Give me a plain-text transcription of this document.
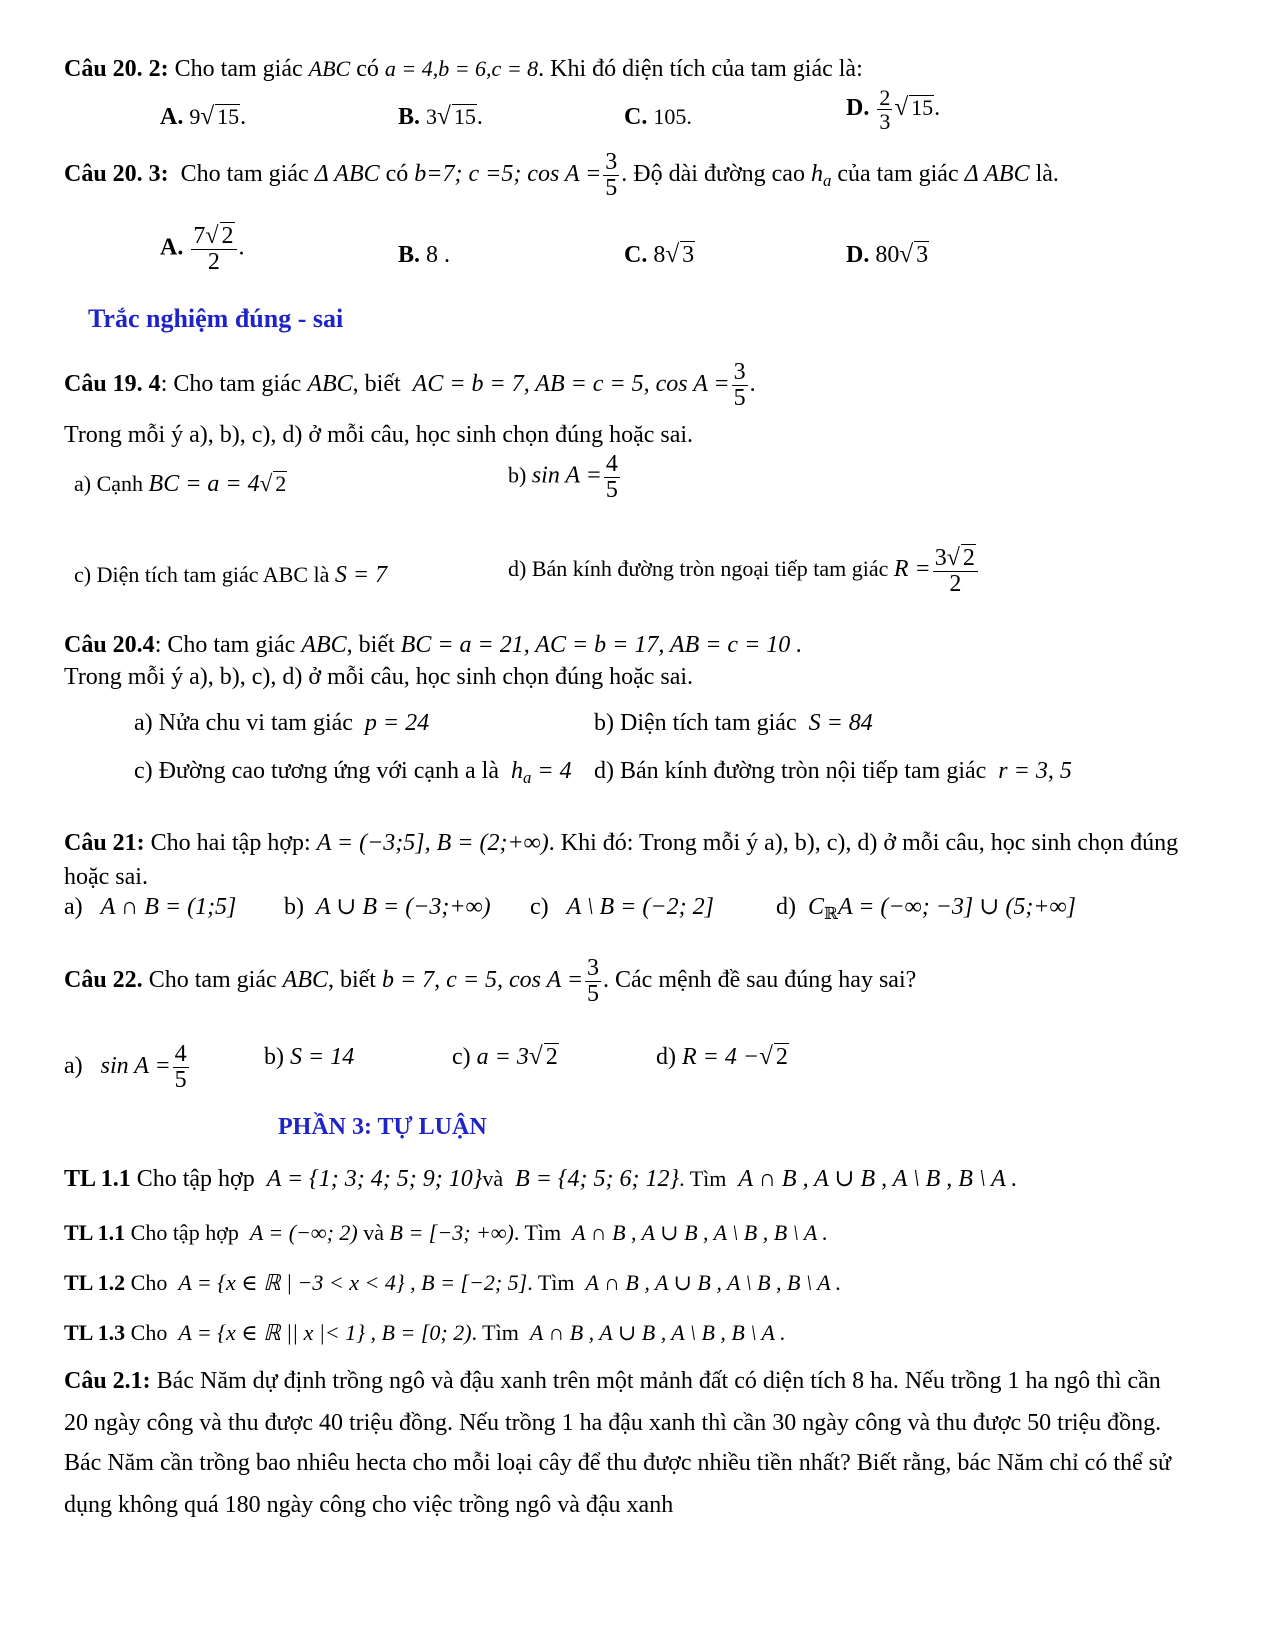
Câu 20. 2: Cho tam giác ABC có a = 4,b = 6,c = 8. Khi đó diện tích của tam giác là:
A. 9√ 15.	B. 3√ 15.	C. 105.	D. $\frac{2}{3}$ √ 15.
Câu 20. 3: Cho tam giác Δ ABC có b=7; c =5; $\cos A = \frac{3}{5}$ . Độ dài đường cao $h_a$ của tam giác Δ ABC là.
A. $\frac{7√ 2}{2}$ .	B. 8 .	C. 8√ 3	D. 80√ 3
Trắc nghiệm đúng - sai
Câu 19. 4: Cho tam giác ABC, biết AC = b = 7, AB = c = 5, $\cos A = \frac{3}{5}$ .
Trong mỗi ý a), b), c), d) ở mỗi câu, học sinh chọn đúng hoặc sai.
a) Cạnh BC = a = 4√ 2	b) $\sin A = \frac{4}{5}$
c) Diện tích tam giác ABC là S = 7	d) Bán kính đường tròn ngoại tiếp tam giác $R = \frac{3√ 2}{2}$
Câu 20.4: Cho tam giác ABC, biết BC = a = 21, AC = b = 17, AB = c = 10 .
Trong mỗi ý a), b), c), d) ở mỗi câu, học sinh chọn đúng hoặc sai.
a) Nửa chu vi tam giác p = 24	b) Diện tích tam giác S = 84
c) Đường cao tương ứng với cạnh a là $h_a = 4$ d) Bán kính đường tròn nội tiếp tam giác r = 3, 5
Câu 21: Cho hai tập hợp: A = (−3;5], B = (2;+∞). Khi đó: Trong mỗi ý a), b), c), d) ở mỗi câu, học sinh chọn đúng
hoặc sai.
a) A ∩ B = (1;5] b) A ∪ B = (−3;+∞) c) A \ B = (−2; 2]	d) $C_ℝA$ = (−∞; −3] ∪ (5;+∞]
Câu 22. Cho tam giác ABC, biết b = 7, c = 5, $\cos A = \frac{3}{5}$ . Các mệnh đề sau đúng hay sai?
a) $\sin A = \frac{4}{5}$	b) S = 14	c) a = 3√ 2	d) R = 4 −√ 2
PHẦN 3: TỰ LUẬN
TL 1.1 Cho tập hợp A = {1; 3; 4; 5; 9; 10}và B = {4; 5; 6; 12}. Tìm A ∩ B , A ∪ B , A \ B , B \ A .
TL 1.1 Cho tập hợp A = (−∞; 2) và B = [−3; +∞). Tìm A ∩ B , A ∪ B , A \ B , B \ A .
TL 1.2 Cho A = {x ∈ ℝ | −3 < x < 4} , B = [−2; 5]. Tìm A ∩ B , A ∪ B , A \ B , B \ A .
TL 1.3 Cho A = {x ∈ ℝ || x |< 1} , B = [0; 2). Tìm A ∩ B , A ∪ B , A \ B , B \ A .
Câu 2.1: Bác Năm dự định trồng ngô và đậu xanh trên một mảnh đất có diện tích 8 ha. Nếu trồng 1 ha ngô thì cần
20 ngày công và thu được 40 triệu đồng. Nếu trồng 1 ha đậu xanh thì cần 30 ngày công và thu được 50 triệu đồng.
Bác Năm cần trồng bao nhiêu hecta cho mỗi loại cây để thu được nhiều tiền nhất? Biết rằng, bác Năm chỉ có thể sử
dụng không quá 180 ngày công cho việc trồng ngô và đậu xanh
